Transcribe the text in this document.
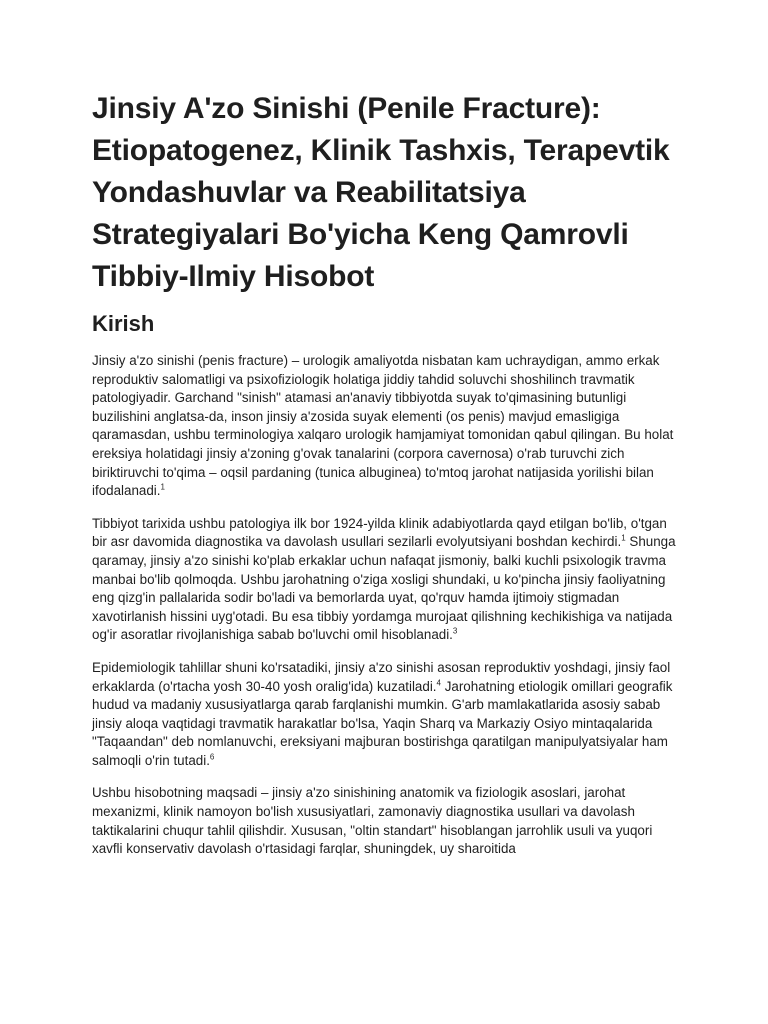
Jinsiy A'zo Sinishi (Penile Fracture): Etiopatogenez, Klinik Tashxis, Terapevtik Yondashuvlar va Reabilitatsiya Strategiyalari Bo'yicha Keng Qamrovli Tibbiy-Ilmiy Hisobot
Kirish

Jinsiy a'zo sinishi (penis fracture) – urologik amaliyotda nisbatan kam uchraydigan, ammo erkak reproduktiv salomatligi va psixofiziologik holatiga jiddiy tahdid soluvchi shoshilinch travmatik patologiyadir. Garchand "sinish" atamasi an'anaviy tibbiyotda suyak to'qimasining butunligi buzilishini anglatsa-da, inson jinsiy a'zosida suyak elementi (os penis) mavjud emasligiga qaramasdan, ushbu terminologiya xalqaro urologik hamjamiyat tomonidan qabul qilingan. Bu holat ereksiya holatidagi jinsiy a'zoning g'ovak tanalarini (corpora cavernosa) o'rab turuvchi zich biriktiruvchi to'qima – oqsil pardaning (tunica albuginea) to'mtoq jarohat natijasida yorilishi bilan ifodalanadi.$^1$

Tibbiyot tarixida ushbu patologiya ilk bor 1924-yilda klinik adabiyotlarda qayd etilgan bo'lib, o'tgan bir asr davomida diagnostika va davolash usullari sezilarli evolyutsiyani boshdan kechirdi.$^1$ Shunga qaramay, jinsiy a'zo sinishi ko'plab erkaklar uchun nafaqat jismoniy, balki kuchli psixologik travma manbai bo'lib qolmoqda. Ushbu jarohatning o'ziga xosligi shundaki, u ko'pincha jinsiy faoliyatning eng qizg'in pallalarida sodir bo'ladi va bemorlarda uyat, qo'rquv hamda ijtimoiy stigmadan xavotirlanish hissini uyg'otadi. Bu esa tibbiy yordamga murojaat qilishning kechikishiga va natijada og'ir asoratlar rivojlanishiga sabab bo'luvchi omil hisoblanadi.$^3$

Epidemiologik tahlillar shuni ko'rsatadiki, jinsiy a'zo sinishi asosan reproduktiv yoshdagi, jinsiy faol erkaklarda (o'rtacha yosh 30-40 yosh oralig'ida) kuzatiladi.$^4$ Jarohatning etiologik omillari geografik hudud va madaniy xususiyatlarga qarab farqlanishi mumkin. G'arb mamlakatlarida asosiy sabab jinsiy aloqa vaqtidagi travmatik harakatlar bo'lsa, Yaqin Sharq va Markaziy Osiyo mintaqalarida "Taqaandan" deb nomlanuvchi, ereksiyani majburan bostirishga qaratilgan manipulyatsiyalar ham salmoqli o'rin tutadi.$^6$

Ushbu hisobotning maqsadi – jinsiy a'zo sinishining anatomik va fiziologik asoslari, jarohat mexanizmi, klinik namoyon bo'lish xususiyatlari, zamonaviy diagnostika usullari va davolash taktikalarini chuqur tahlil qilishdir. Xususan, "oltin standart" hisoblangan jarrohlik usuli va yuqori xavfli konservativ davolash o'rtasidagi farqlar, shuningdek, uy sharoitida
